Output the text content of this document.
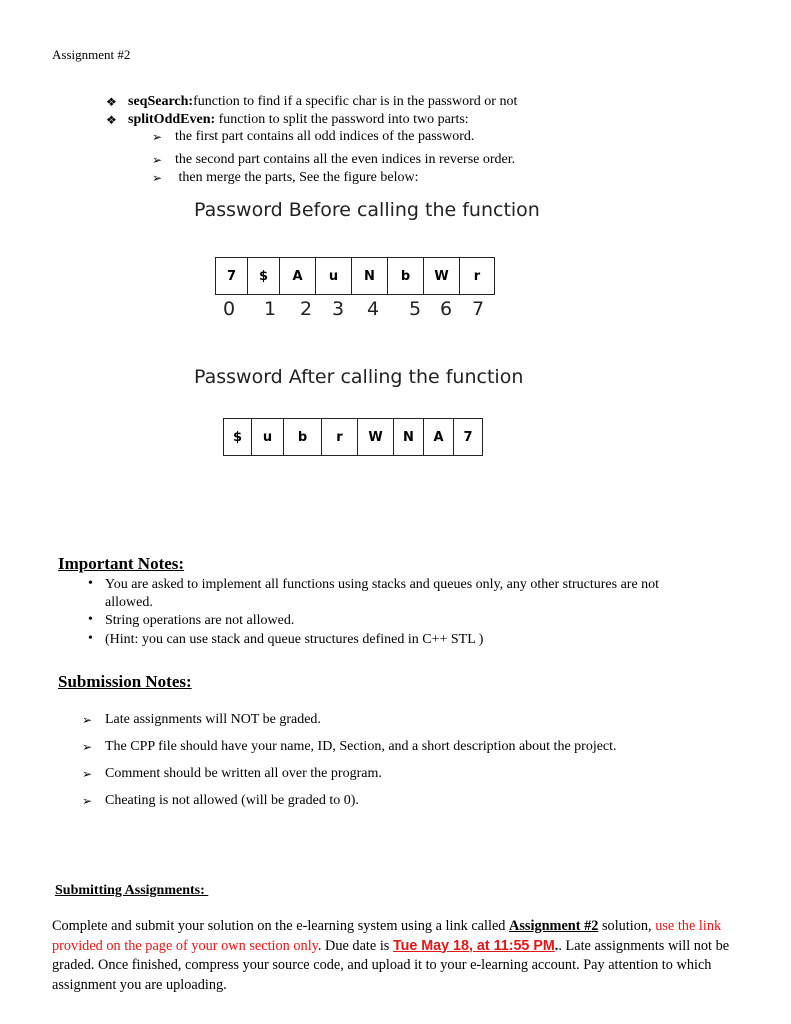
Assignment #2
❖ seqSearch:function to find if a specific char is in the password or not
❖ splitOddEven: function to split the password into two parts:
➢ the first part contains all odd indices of the password.
➢ the second part contains all the even indices in reverse order.
➢ then merge the parts, See the figure below:
Password Before calling the function
7	$	A	u	N	b	W	r
0 1 2 3 4 5 6 7
Password After calling the function
$	u	b	r	W	N	A	7
Important Notes:
• You are asked to implement all functions using stacks and queues only, any other structures are not
allowed.
• String operations are not allowed.
• (Hint: you can use stack and queue structures defined in C++ STL )
Submission Notes:
➢ Late assignments will NOT be graded.
➢ The CPP file should have your name, ID, Section, and a short description about the project.
➢ Comment should be written all over the program.
➢ Cheating is not allowed (will be graded to 0).
Submitting Assignments:
Complete and submit your solution on the e-learning system using a link called Assignment #2 solution, use the link provided on the page of your own section only. Due date is Tue May 18, at 11:55 PM.. Late assignments will not be graded. Once finished, compress your source code, and upload it to your e-learning account. Pay attention to which assignment you are uploading.
